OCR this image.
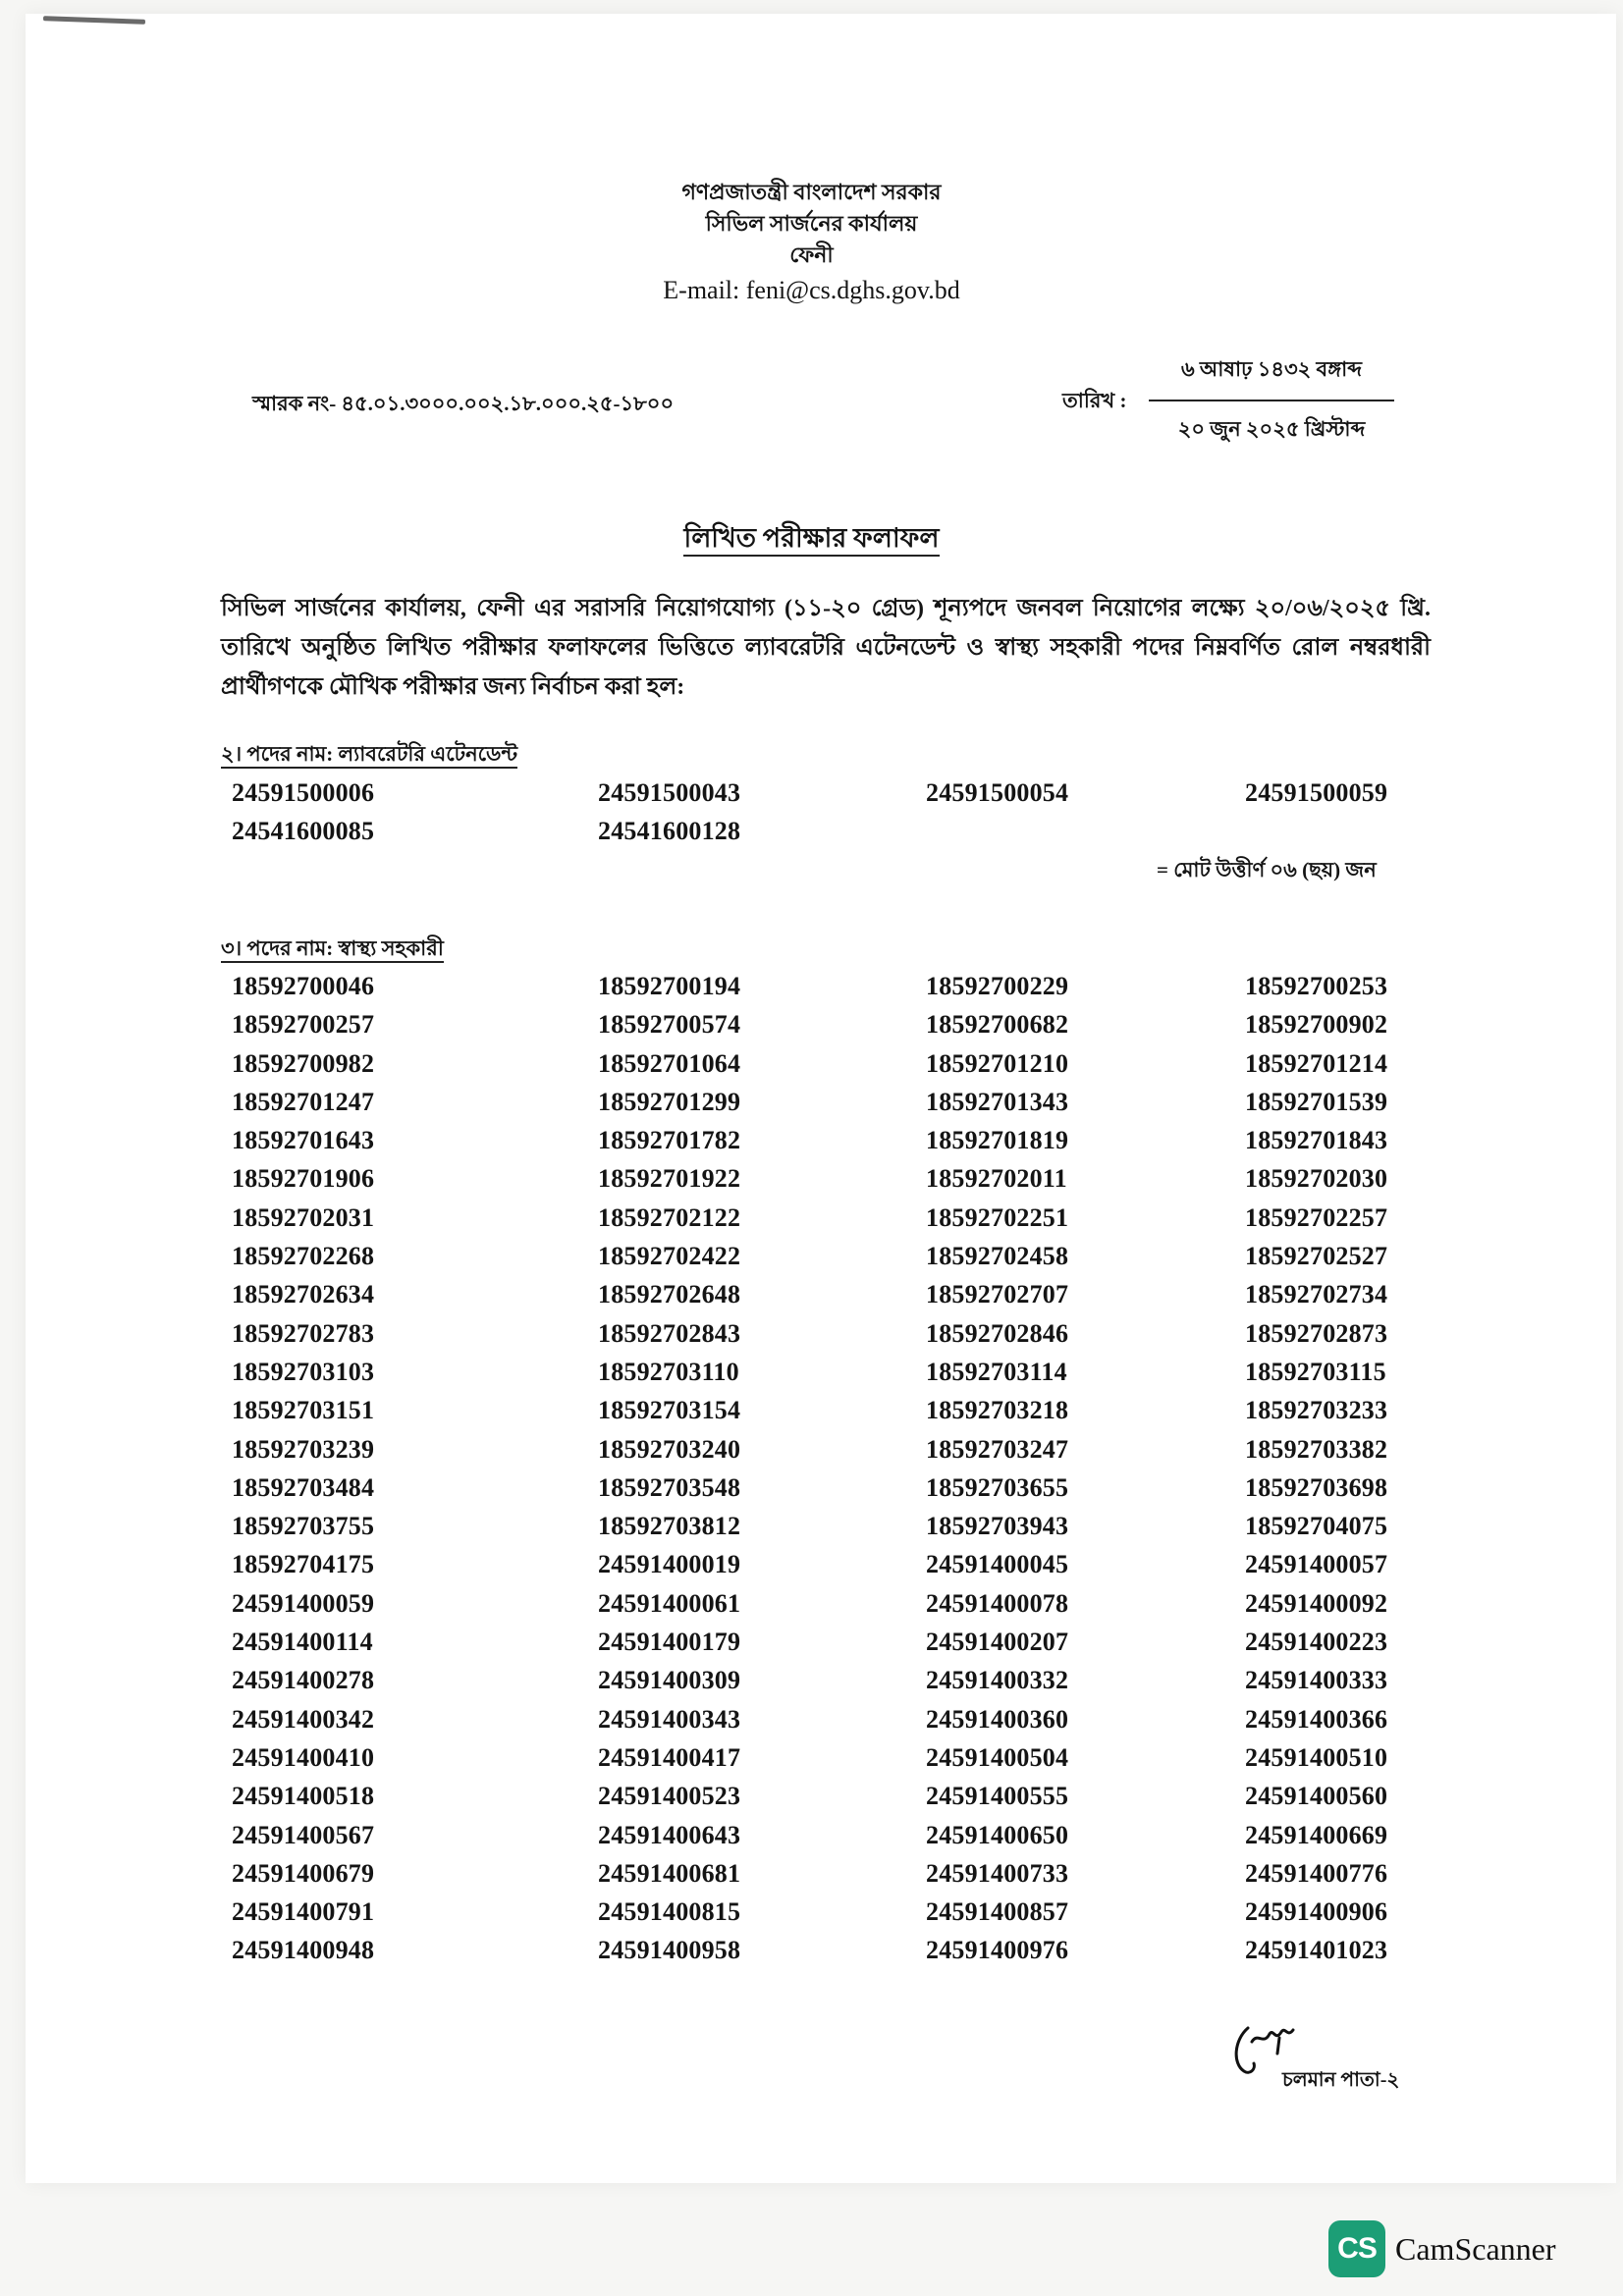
গণপ্রজাতন্ত্রী বাংলাদেশ সরকার
সিভিল সার্জনের কার্যালয়
ফেনী
E-mail: feni@cs.dghs.gov.bd
স্মারক নং- ৪৫.০১.৩০০০.০০২.১৮.০০০.২৫-১৮০০	তারিখ :
৬ আষাঢ় ১৪৩২ বঙ্গাব্দ
২০ জুন ২০২৫ খ্রিস্টাব্দ
লিখিত পরীক্ষার ফলাফল
সিভিল সার্জনের কার্যালয়, ফেনী এর সরাসরি নিয়োগযোগ্য (১১-২০ গ্রেড) শূন্যপদে জনবল নিয়োগের লক্ষ্যে ২০/০৬/২০২৫ খ্রি. তারিখে অনুষ্ঠিত লিখিত পরীক্ষার ফলাফলের ভিত্তিতে ল্যাবরেটরি এটেনডেন্ট ও স্বাস্থ্য সহকারী পদের নিম্নবর্ণিত রোল নম্বরধারী প্রার্থীগণকে মৌখিক পরীক্ষার জন্য নির্বাচন করা হল:
২। পদের নাম: ল্যাবরেটরি এটেনডেন্ট
24591500006	24591500043	24591500054	24591500059
24541600085	24541600128
= মোট উত্তীর্ণ ০৬ (ছয়) জন
৩। পদের নাম: স্বাস্থ্য সহকারী
18592700046	18592700194	18592700229	18592700253
18592700257	18592700574	18592700682	18592700902
18592700982	18592701064	18592701210	18592701214
18592701247	18592701299	18592701343	18592701539
18592701643	18592701782	18592701819	18592701843
18592701906	18592701922	18592702011	18592702030
18592702031	18592702122	18592702251	18592702257
18592702268	18592702422	18592702458	18592702527
18592702634	18592702648	18592702707	18592702734
18592702783	18592702843	18592702846	18592702873
18592703103	18592703110	18592703114	18592703115
18592703151	18592703154	18592703218	18592703233
18592703239	18592703240	18592703247	18592703382
18592703484	18592703548	18592703655	18592703698
18592703755	18592703812	18592703943	18592704075
18592704175	24591400019	24591400045	24591400057
24591400059	24591400061	24591400078	24591400092
24591400114	24591400179	24591400207	24591400223
24591400278	24591400309	24591400332	24591400333
24591400342	24591400343	24591400360	24591400366
24591400410	24591400417	24591400504	24591400510
24591400518	24591400523	24591400555	24591400560
24591400567	24591400643	24591400650	24591400669
24591400679	24591400681	24591400733	24591400776
24591400791	24591400815	24591400857	24591400906
24591400948	24591400958	24591400976	24591401023
চলমান পাতা-২
CS CamScanner
